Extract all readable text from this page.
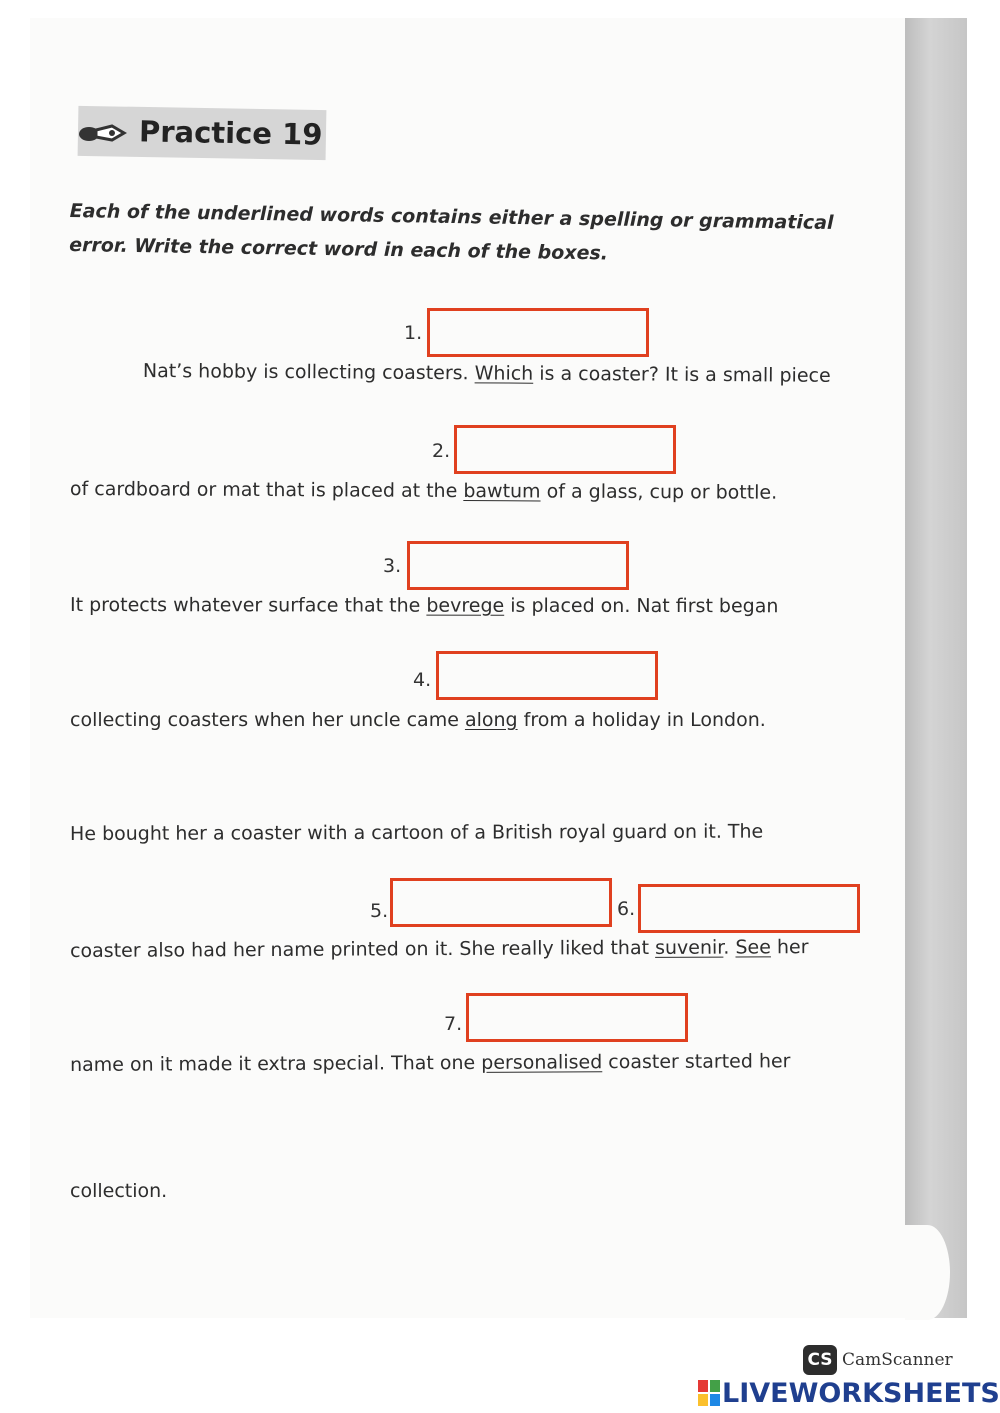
Practice 19
Each of the underlined words contains either a spelling or grammatical error. Write the correct word in each of the boxes.
1.
Nat’s hobby is collecting coasters. Which is a coaster? It is a small piece
2.
of cardboard or mat that is placed at the bawtum of a glass, cup or bottle.
3.
It protects whatever surface that the bevrege is placed on. Nat first began
4.
collecting coasters when her uncle came along from a holiday in London.
He bought her a coaster with a cartoon of a British royal guard on it. The
5.	6.
coaster also had her name printed on it. She really liked that suvenir. See her
7.
name on it made it extra special. That one personalised coaster started her
collection.
CS CamScanner
LIVEWORKSHEETS
